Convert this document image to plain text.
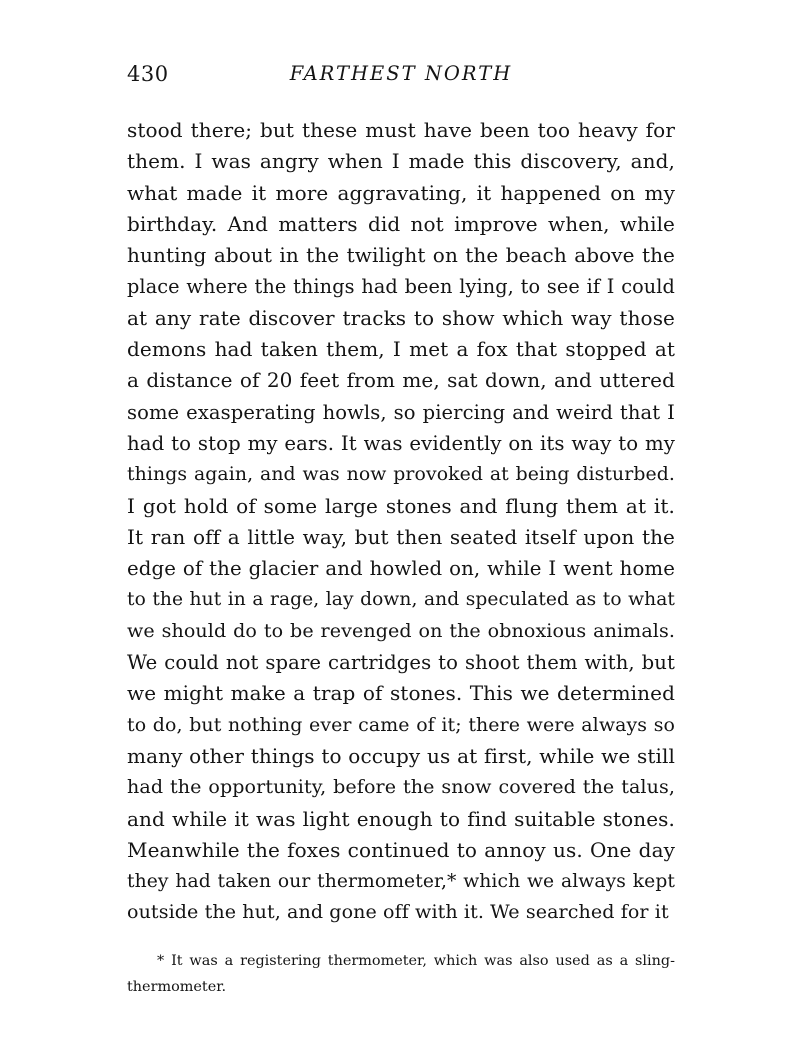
430	FARTHEST NORTH
stood there; but these must have been too heavy for
them. I was angry when I made this discovery, and,
what made it more aggravating, it happened on my
birthday. And matters did not improve when, while
hunting about in the twilight on the beach above the
place where the things had been lying, to see if I could
at any rate discover tracks to show which way those
demons had taken them, I met a fox that stopped at
a distance of 20 feet from me, sat down, and uttered
some exasperating howls, so piercing and weird that I
had to stop my ears. It was evidently on its way to my
things again, and was now provoked at being disturbed.
I got hold of some large stones and flung them at it.
It ran off a little way, but then seated itself upon the
edge of the glacier and howled on, while I went home
to the hut in a rage, lay down, and speculated as to what
we should do to be revenged on the obnoxious animals.
We could not spare cartridges to shoot them with, but
we might make a trap of stones. This we determined
to do, but nothing ever came of it; there were always so
many other things to occupy us at first, while we still
had the opportunity, before the snow covered the talus,
and while it was light enough to find suitable stones.
Meanwhile the foxes continued to annoy us. One day
they had taken our thermometer,* which we always kept
outside the hut, and gone off with it. We searched for it
* It was a registering thermometer, which was also used as a sling-
thermometer.
